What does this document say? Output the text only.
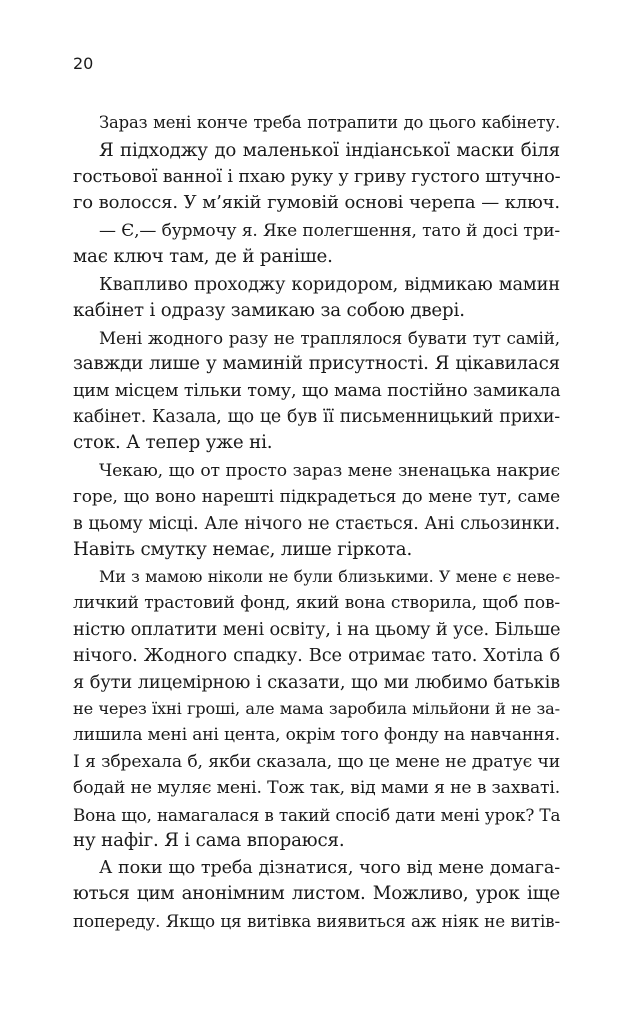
20
Зараз мені конче треба потрапити до цього кабінету.
Я підходжу до маленької індіанської маски біля
гостьової ванної і пхаю руку у гриву густого штучно-
го волосся. У м’якій гумовій основі черепа — ключ.
— Є,— бурмочу я. Яке полегшення, тато й досі три-
має ключ там, де й раніше.
Квапливо проходжу коридором, відмикаю мамин
кабінет і одразу замикаю за собою двері.
Мені жодного разу не траплялося бувати тут самій,
завжди лише у маминій присутності. Я цікавилася
цим місцем тільки тому, що мама постійно замикала
кабінет. Казала, що це був її письменницький прихи-
сток. А тепер уже ні.
Чекаю, що от просто зараз мене зненацька накриє
горе, що воно нарешті підкрадеться до мене тут, саме
в цьому місці. Але нічого не стається. Ані сльозинки.
Навіть смутку немає, лише гіркота.
Ми з мамою ніколи не були близькими. У мене є неве-
личкий трастовий фонд, який вона створила, щоб пов-
ністю оплатити мені освіту, і на цьому й усе. Більше
нічого. Жодного спадку. Все отримає тато. Хотіла б
я бути лицемірною і сказати, що ми любимо батьків
не через їхні гроші, але мама заробила мільйони й не за-
лишила мені ані цента, окрім того фонду на навчання.
І я збрехала б, якби сказала, що це мене не дратує чи
бодай не муляє мені. Тож так, від мами я не в захваті.
Вона що, намагалася в такий спосіб дати мені урок? Та
ну нафіг. Я і сама впораюся.
А поки що треба дізнатися, чого від мене домага-
ються цим анонімним листом. Можливо, урок іще
попереду. Якщо ця витівка виявиться аж ніяк не витів-
